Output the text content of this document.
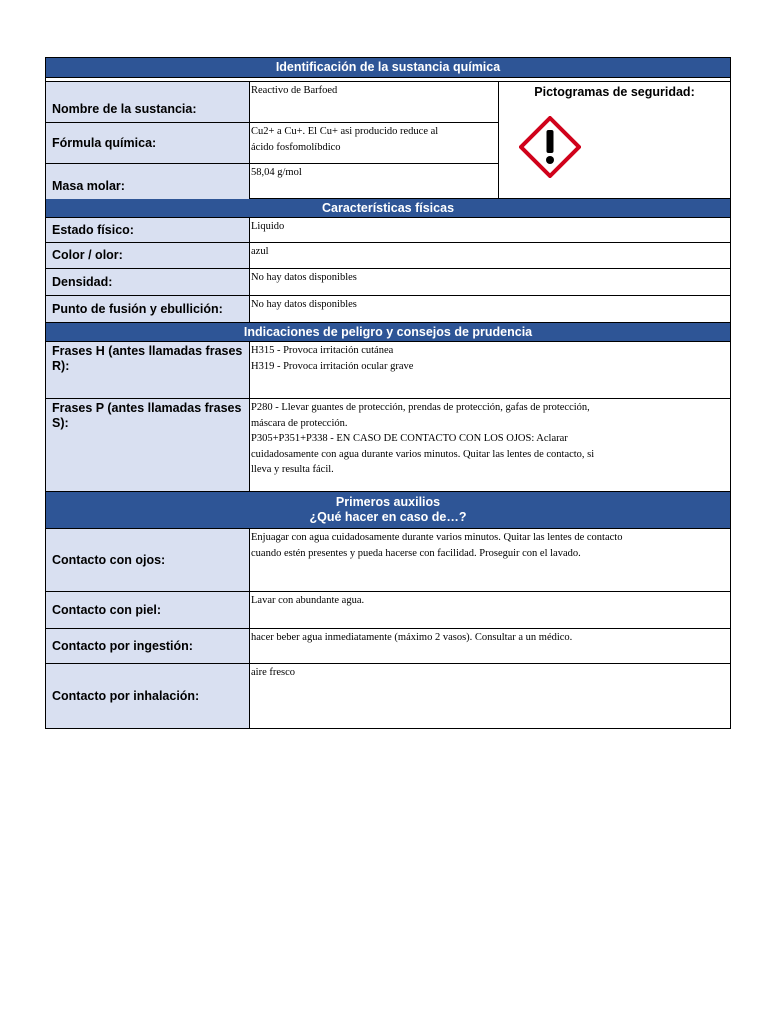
Identificación de la sustancia química
Nombre de la sustancia:
Reactivo de Barfoed
Fórmula química:
Cu2+ a Cu+. El Cu+ asi producido reduce al
ácido fosfomolíbdico
Masa molar:
58,04 g/mol
Pictogramas de seguridad:
Características físicas
Estado físico:	Liquido
Color / olor:	azul
Densidad:	No hay datos disponibles
Punto de fusión y ebullición:	No hay datos disponibles
Indicaciones de peligro y consejos de prudencia
Frases H (antes llamadas frases R):
H315 - Provoca irritación cutánea
H319 - Provoca irritación ocular grave
Frases P (antes llamadas frases S):
P280 - Llevar guantes de protección, prendas de protección, gafas de protección,
máscara de protección.
P305+P351+P338 - EN CASO DE CONTACTO CON LOS OJOS: Aclarar
cuidadosamente con agua durante varios minutos. Quitar las lentes de contacto, si
lleva y resulta fácil.
Primeros auxilios
¿Qué hacer en caso de…?
Contacto con ojos:
Enjuagar con agua cuidadosamente durante varios minutos. Quitar las lentes de contacto
cuando estén presentes y pueda hacerse con facilidad. Proseguir con el lavado.
Contacto con piel:
Lavar con abundante agua.
Contacto por ingestión:
hacer beber agua inmediatamente (máximo 2 vasos). Consultar a un médico.
Contacto por inhalación:
aire fresco
